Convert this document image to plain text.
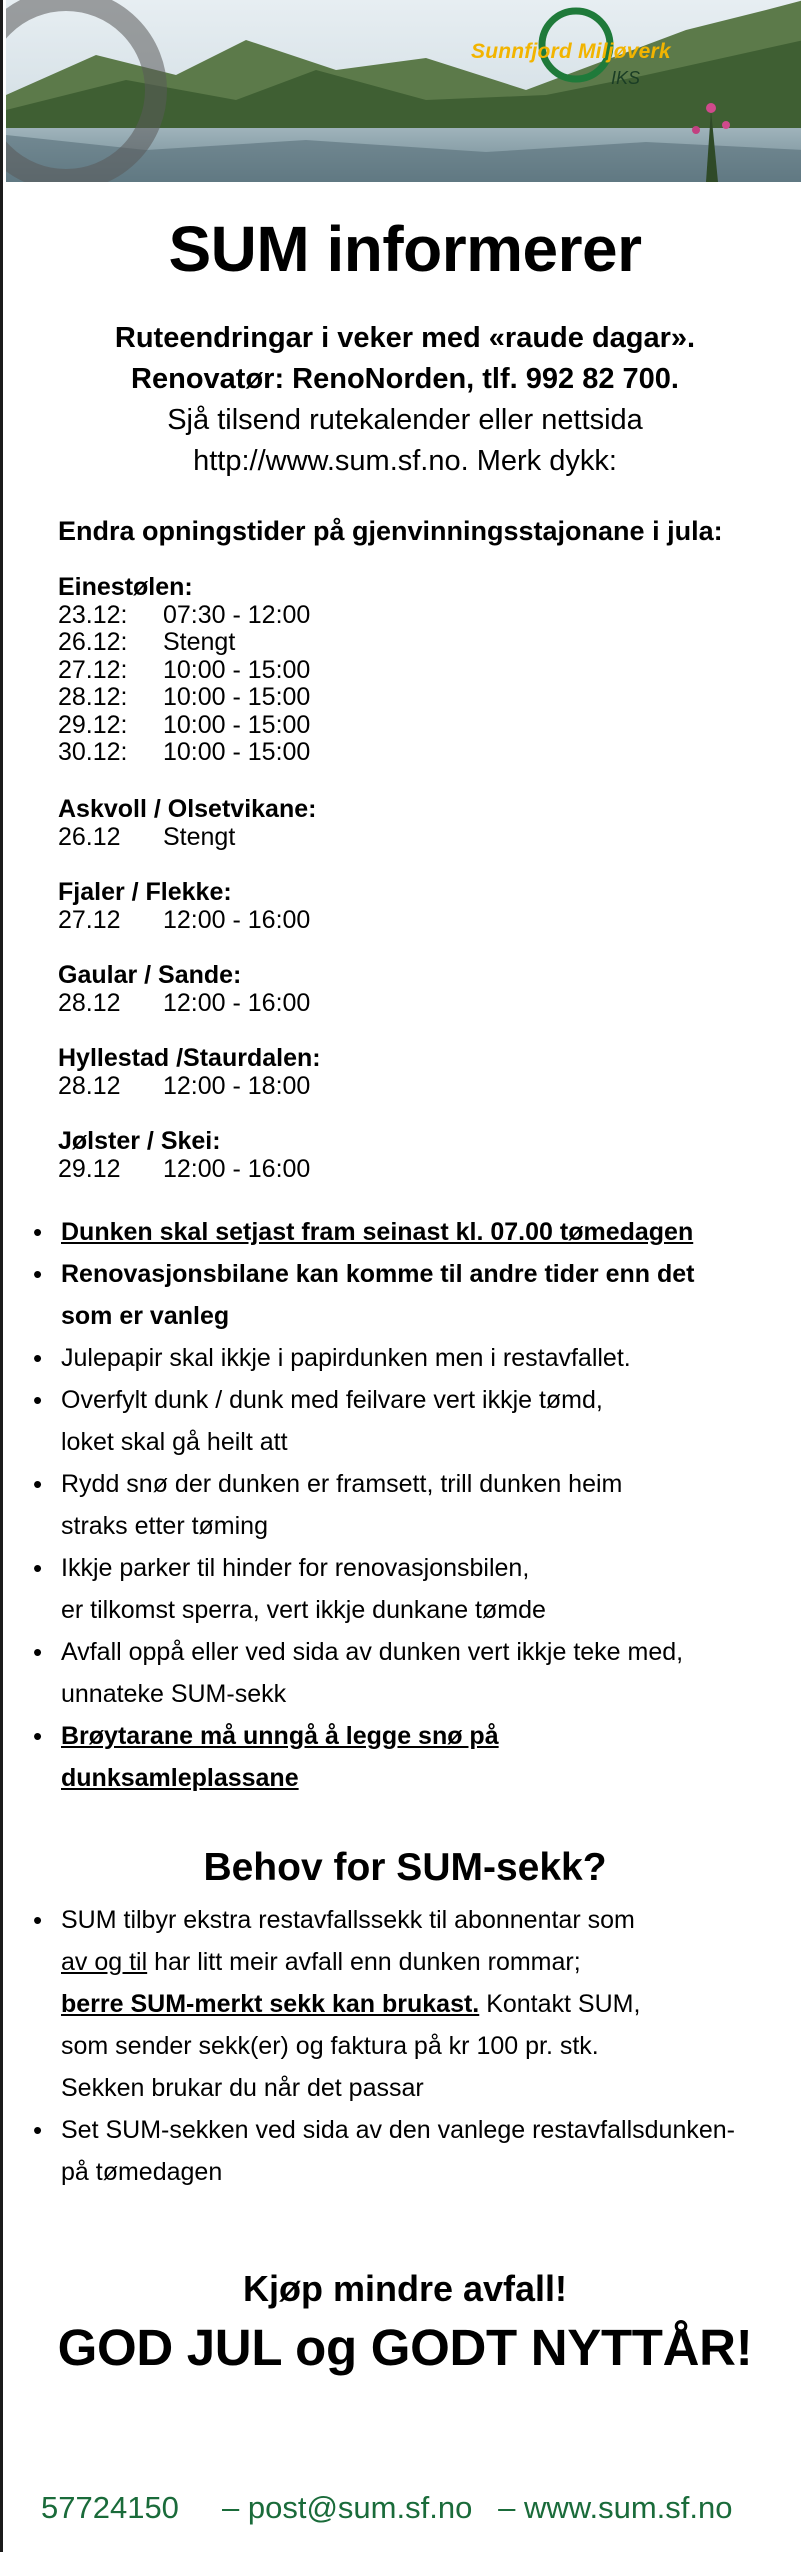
Sunnfjord Miljøverk
IKS
SUM informerer
Ruteendringar i veker med «raude dagar».
Renovatør: RenoNorden, tlf. 992 82 700.
Sjå tilsend rutekalender eller nettsida
http://www.sum.sf.no. Merk dykk:
Endra opningstider på gjenvinningsstajonane i jula:
Einestølen:
23.12:	07:30 - 12:00
26.12:	Stengt
27.12:	10:00 - 15:00
28.12:	10:00 - 15:00
29.12:	10:00 - 15:00
30.12:	10:00 - 15:00
Askvoll / Olsetvikane:
26.12	Stengt
Fjaler / Flekke:
27.12	12:00 - 16:00
Gaular / Sande:
28.12	12:00 - 16:00
Hyllestad /Staurdalen:
28.12	12:00 - 18:00
Jølster / Skei:
29.12	12:00 - 16:00
• Dunken skal setjast fram seinast kl. 07.00 tømedagen
• Renovasjonsbilane kan komme til andre tider enn det
som er vanleg
• Julepapir skal ikkje i papirdunken men i restavfallet.
• Overfylt dunk / dunk med feilvare vert ikkje tømd,
loket skal gå heilt att
• Rydd snø der dunken er framsett, trill dunken heim
straks etter tøming
• Ikkje parker til hinder for renovasjonsbilen,
er tilkomst sperra, vert ikkje dunkane tømde
• Avfall oppå eller ved sida av dunken vert ikkje teke med,
unnateke SUM-sekk
• Brøytarane må unngå å legge snø på
dunksamleplassane
Behov for SUM-sekk?
• SUM tilbyr ekstra restavfallssekk til abonnentar som
av og til har litt meir avfall enn dunken rommar;
berre SUM-merkt sekk kan brukast. Kontakt SUM,
som sender sekk(er) og faktura på kr 100 pr. stk.
Sekken brukar du når det passar
• Set SUM-sekken ved sida av den vanlege restavfallsdunken-
på tømedagen
Kjøp mindre avfall!
GOD JUL og GODT NYTTÅR!
57724150 – post@sum.sf.no – www.sum.sf.no
